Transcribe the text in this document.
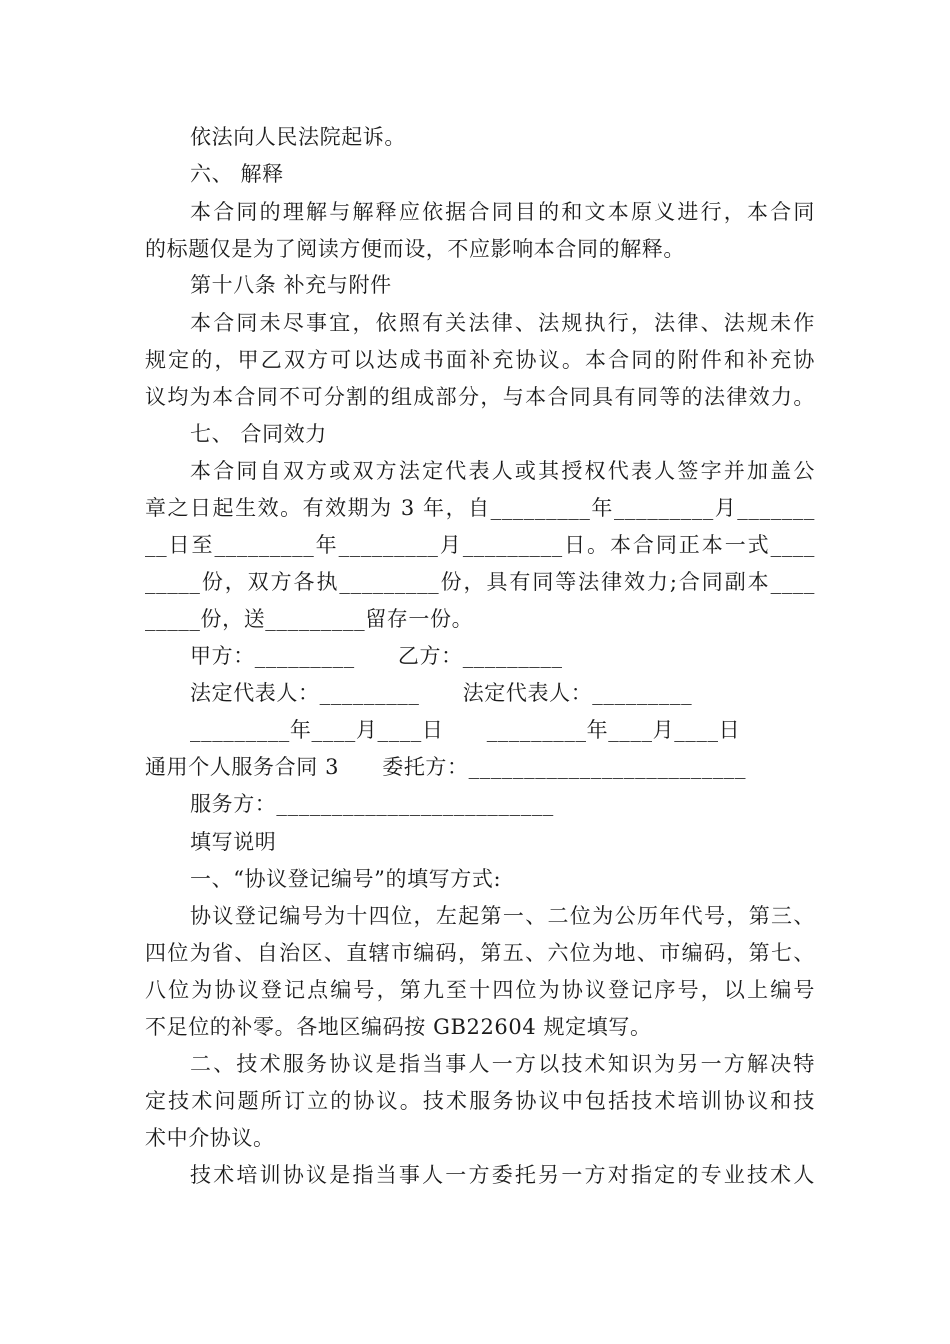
依法向人民法院起诉。
六、 解释
本合同的理解与解释应依据合同目的和文本原义进行，本合同
的标题仅是为了阅读方便而设，不应影响本合同的解释。
第十八条 补充与附件
本合同未尽事宜，依照有关法律、法规执行，法律、法规未作
规定的，甲乙双方可以达成书面补充协议。本合同的附件和补充协
议均为本合同不可分割的组成部分，与本合同具有同等的法律效力。
七、 合同效力
本合同自双方或双方法定代表人或其授权代表人签字并加盖公
章之日起生效。有效期为 3 年，自_________年_________月_______
__日至_________年_________月_________日。本合同正本一式____
_____份，双方各执_________份，具有同等法律效力;合同副本____
_____份，送_________留存一份。
甲方：_________　　乙方：_________
法定代表人：_________　　法定代表人：_________
_________年____月____日　　_________年____月____日
通用个人服务合同 3　　委托方：_________________________
服务方：_________________________
填写说明
一、“协议登记编号”的填写方式:
协议登记编号为十四位，左起第一、二位为公历年代号，第三、
四位为省、自治区、直辖市编码，第五、六位为地、市编码，第七、
八位为协议登记点编号，第九至十四位为协议登记序号，以上编号
不足位的补零。各地区编码按 GB22604 规定填写。
二、技术服务协议是指当事人一方以技术知识为另一方解决特
定技术问题所订立的协议。技术服务协议中包括技术培训协议和技
术中介协议。
技术培训协议是指当事人一方委托另一方对指定的专业技术人
